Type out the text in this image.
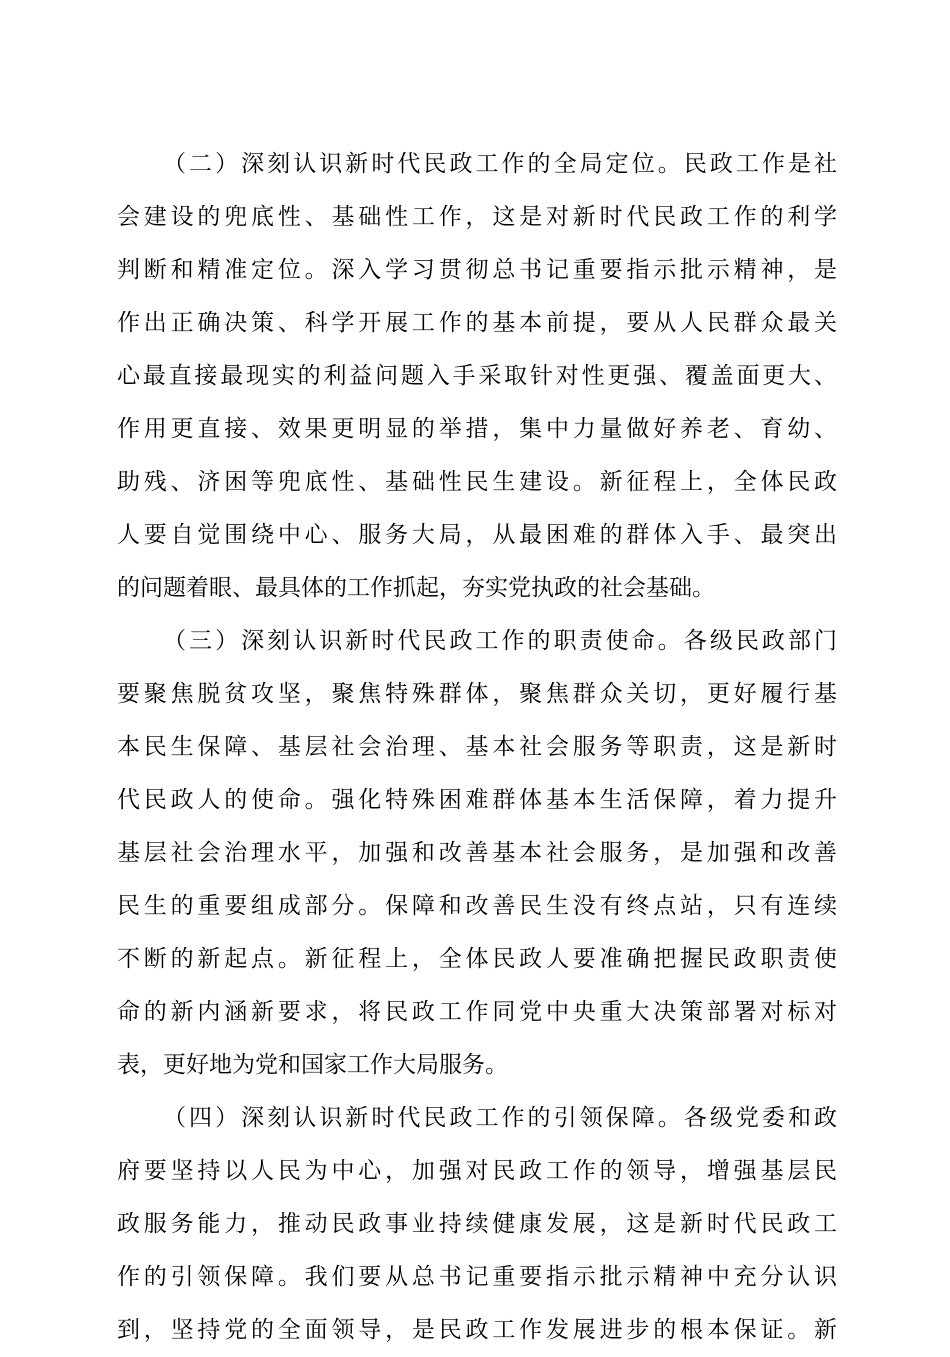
（二）深刻认识新时代民政工作的全局定位。民政工作是社
会建设的兜底性、基础性工作，这是对新时代民政工作的利学
判断和精准定位。深入学习贯彻总书记重要指示批示精神，是
作出正确决策、科学开展工作的基本前提，要从人民群众最关
心最直接最现实的利益问题入手采取针对性更强、覆盖面更大、
作用更直接、效果更明显的举措，集中力量做好养老、育幼、
助残、济困等兜底性、基础性民生建设。新征程上，全体民政
人要自觉围绕中心、服务大局，从最困难的群体入手、最突出
的问题着眼、最具体的工作抓起，夯实党执政的社会基础。
（三）深刻认识新时代民政工作的职责使命。各级民政部门
要聚焦脱贫攻坚，聚焦特殊群体，聚焦群众关切，更好履行基
本民生保障、基层社会治理、基本社会服务等职责，这是新时
代民政人的使命。强化特殊困难群体基本生活保障，着力提升
基层社会治理水平，加强和改善基本社会服务，是加强和改善
民生的重要组成部分。保障和改善民生没有终点站，只有连续
不断的新起点。新征程上，全体民政人要准确把握民政职责使
命的新内涵新要求，将民政工作同党中央重大决策部署对标对
表，更好地为党和国家工作大局服务。
（四）深刻认识新时代民政工作的引领保障。各级党委和政
府要坚持以人民为中心，加强对民政工作的领导，增强基层民
政服务能力，推动民政事业持续健康发展，这是新时代民政工
作的引领保障。我们要从总书记重要指示批示精神中充分认识
到，坚持党的全面领导，是民政工作发展进步的根本保证。新
